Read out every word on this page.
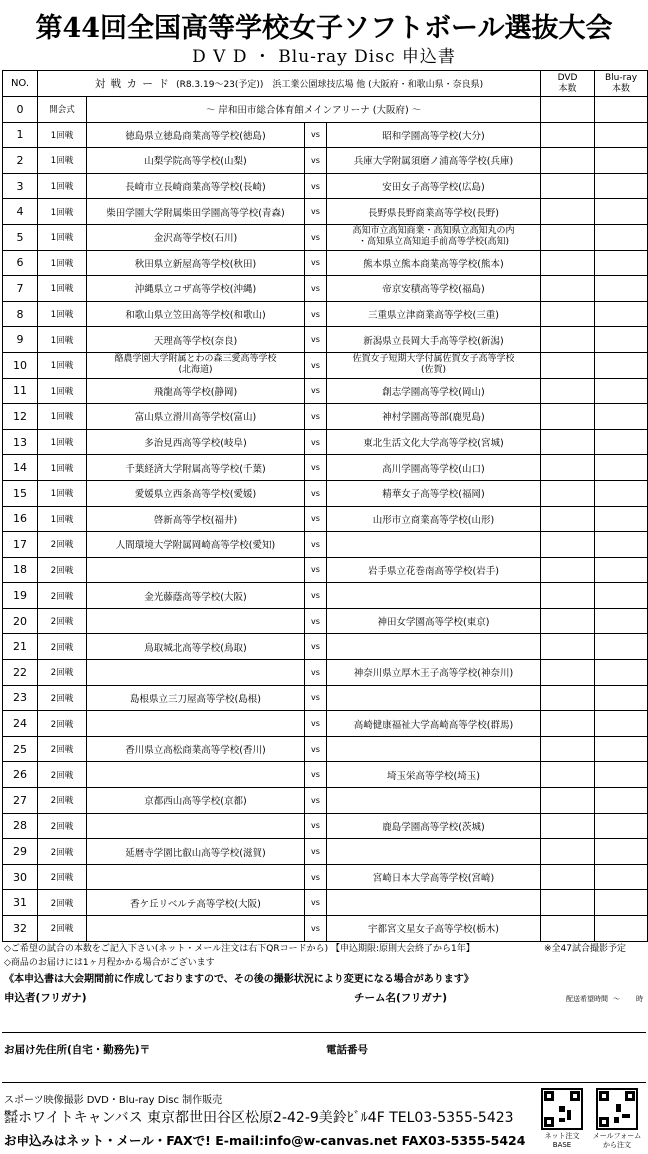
第44回全国高等学校女子ソフトボール選抜大会
D V D ・ Blu-ray Disc 申込書
NO.	対 戦 カ ー ド (R8.3.19～23(予定))　浜工業公園球技広場 他 (大阪府・和歌山県・奈良県)				DVD
本数	Blu-ray
本数
0	開会式	～ 岸和田市総合体育館メインアリーナ (大阪府) ～				
1	1回戦	徳島県立徳島商業高等学校(徳島)	vs	昭和学園高等学校(大分)		
2	1回戦	山梨学院高等学校(山梨)	vs	兵庫大学附属須磨ノ浦高等学校(兵庫)		
3	1回戦	長崎市立長崎商業高等学校(長崎)	vs	安田女子高等学校(広島)		
4	1回戦	柴田学園大学附属柴田学園高等学校(青森)	vs	長野県長野商業高等学校(長野)		
5	1回戦	金沢高等学校(石川)	vs	高知市立高知商業・高知県立高知丸の内
・高知県立高知追手前高等学校(高知)		
6	1回戦	秋田県立新屋高等学校(秋田)	vs	熊本県立熊本商業高等学校(熊本)		
7	1回戦	沖縄県立コザ高等学校(沖縄)	vs	帝京安積高等学校(福島)		
8	1回戦	和歌山県立笠田高等学校(和歌山)	vs	三重県立津商業高等学校(三重)		
9	1回戦	天理高等学校(奈良)	vs	新潟県立長岡大手高等学校(新潟)		
10	1回戦	酪農学園大学附属とわの森三愛高等学校
(北海道)	vs	佐賀女子短期大学付属佐賀女子高等学校
(佐賀)		
11	1回戦	飛龍高等学校(静岡)	vs	創志学園高等学校(岡山)		
12	1回戦	富山県立滑川高等学校(富山)	vs	神村学園高等部(鹿児島)		
13	1回戦	多治見西高等学校(岐阜)	vs	東北生活文化大学高等学校(宮城)		
14	1回戦	千葉経済大学附属高等学校(千葉)	vs	高川学園高等学校(山口)		
15	1回戦	愛媛県立西条高等学校(愛媛)	vs	精華女子高等学校(福岡)		
16	1回戦	啓新高等学校(福井)	vs	山形市立商業高等学校(山形)		
17	2回戦	人間環境大学附属岡崎高等学校(愛知)	vs			
18	2回戦		vs	岩手県立花巻南高等学校(岩手)		
19	2回戦	金光藤蔭高等学校(大阪)	vs			
20	2回戦		vs	神田女学園高等学校(東京)		
21	2回戦	鳥取城北高等学校(鳥取)	vs			
22	2回戦		vs	神奈川県立厚木王子高等学校(神奈川)		
23	2回戦	島根県立三刀屋高等学校(島根)	vs			
24	2回戦		vs	高崎健康福祉大学高崎高等学校(群馬)		
25	2回戦	香川県立高松商業高等学校(香川)	vs			
26	2回戦		vs	埼玉栄高等学校(埼玉)		
27	2回戦	京都西山高等学校(京都)	vs			
28	2回戦		vs	鹿島学園高等学校(茨城)		
29	2回戦	延暦寺学園比叡山高等学校(滋賀)	vs			
30	2回戦		vs	宮崎日本大学高等学校(宮崎)		
31	2回戦	香ケ丘リベルテ高等学校(大阪)	vs			
32	2回戦		vs	宇都宮文星女子高等学校(栃木)		
◇ご希望の試合の本数をご記入下さい(ネット・メール注文は右下QRコードから) 【申込期限:原則大会終了から1年】	※全47試合撮影予定
◇商品のお届けには1ヶ月程かかる場合がございます
《本申込書は大会期間前に作成しておりますので、その後の撮影状況により変更になる場合があります》
申込者(フリガナ)	チーム名(フリガナ)	配送希望時間 ～ 時
お届け先住所(自宅・勤務先)〒	電話番号
スポーツ映像撮影 DVD・Blu-ray Disc 制作販売
㍿ホワイトキャンバス 東京都世田谷区松原2-42-9美鈴ﾋﾞﾙ4F TEL03-5355-5423
お申込みはネット・メール・FAXで! E-mail:info@w-canvas.net FAX03-5355-5424	ネット注文
BASE
メールフォーム
から注文
